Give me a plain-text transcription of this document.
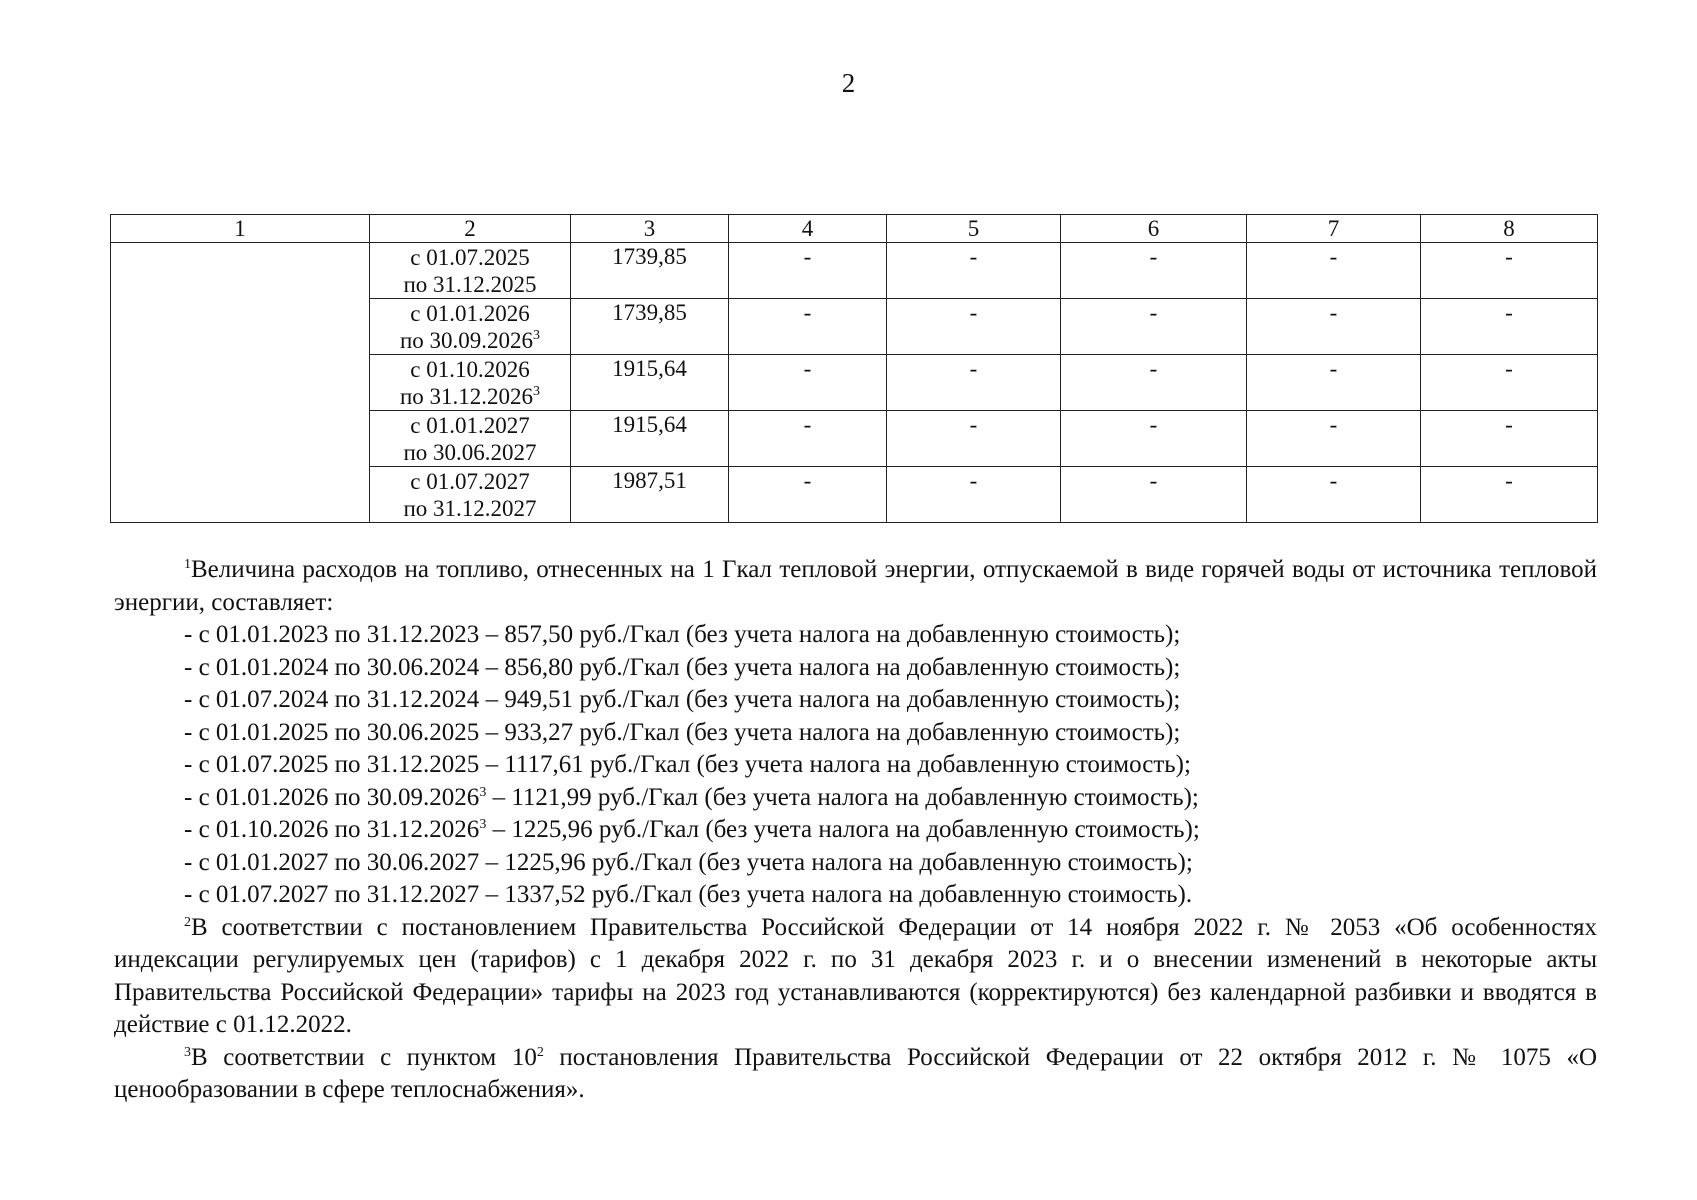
2
1	2	3	4	5	6	7	8

	с 01.07.2025
по 31.12.2025	1739,85	-	-	-	-	-

	с 01.01.2026
по 30.09.2026$^3$	1739,85	-	-	-	-	-

	с 01.10.2026
по 31.12.2026$^3$	1915,64	-	-	-	-	-

	с 01.01.2027
по 30.06.2027	1915,64	-	-	-	-	-

	с 01.07.2027
по 31.12.2027	1987,51	-	-	-	-	-

$^1$Величина расходов на топливо, отнесенных на 1 Гкал тепловой энергии, отпускаемой в виде горячей воды от источника тепловой энергии, составляет:

- с 01.01.2023 по 31.12.2023 – 857,50 руб./Гкал (без учета налога на добавленную стоимость);

- с 01.01.2024 по 30.06.2024 – 856,80 руб./Гкал (без учета налога на добавленную стоимость);

- с 01.07.2024 по 31.12.2024 – 949,51 руб./Гкал (без учета налога на добавленную стоимость);

- с 01.01.2025 по 30.06.2025 – 933,27 руб./Гкал (без учета налога на добавленную стоимость);

- с 01.07.2025 по 31.12.2025 – 1117,61 руб./Гкал (без учета налога на добавленную стоимость);

- с 01.01.2026 по 30.09.2026$^3$ – 1121,99 руб./Гкал (без учета налога на добавленную стоимость);

- с 01.10.2026 по 31.12.2026$^3$ – 1225,96 руб./Гкал (без учета налога на добавленную стоимость);

- с 01.01.2027 по 30.06.2027 – 1225,96 руб./Гкал (без учета налога на добавленную стоимость);

- с 01.07.2027 по 31.12.2027 – 1337,52 руб./Гкал (без учета налога на добавленную стоимость).

$^2$В соответствии с постановлением Правительства Российской Федерации от 14 ноября 2022 г. № 2053 «Об особенностях индексации регулируемых цен (тарифов) с 1 декабря 2022 г. по 31 декабря 2023 г. и о внесении изменений в некоторые акты Правительства Российской Федерации» тарифы на 2023 год устанавливаются (корректируются) без календарной разбивки и вводятся в действие с 01.12.2022.

$^3$В соответствии с пунктом $10^2$ постановления Правительства Российской Федерации от 22 октября 2012 г. № 1075 «О ценообразовании в сфере теплоснабжения».
